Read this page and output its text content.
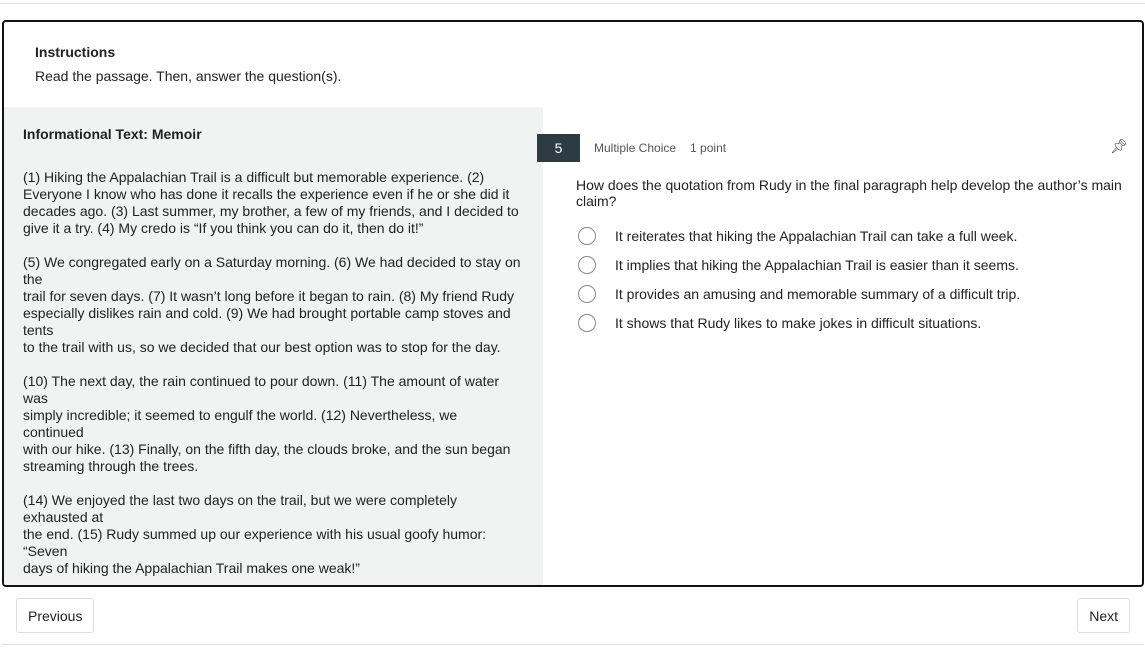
Instructions

Read the passage. Then, answer the question(s).

Informational Text: Memoir
(1) Hiking the Appalachian Trail is a difficult but memorable experience. (2)
Everyone I know who has done it recalls the experience even if he or she did it
decades ago. (3) Last summer, my brother, a few of my friends, and I decided to
give it a try. (4) My credo is “If you think you can do it, then do it!”
(5) We congregated early on a Saturday morning. (6) We had decided to stay on
the
trail for seven days. (7) It wasn’t long before it began to rain. (8) My friend Rudy
especially dislikes rain and cold. (9) We had brought portable camp stoves and
tents
to the trail with us, so we decided that our best option was to stop for the day.
(10) The next day, the rain continued to pour down. (11) The amount of water
was
simply incredible; it seemed to engulf the world. (12) Nevertheless, we
continued
with our hike. (13) Finally, on the fifth day, the clouds broke, and the sun began
streaming through the trees.
(14) We enjoyed the last two days on the trail, but we were completely
exhausted at
the end. (15) Rudy summed up our experience with his usual goofy humor:
“Seven
days of hiking the Appalachian Trail makes one weak!”
5	Multiple Choice 1 point	📌︎
How does the quotation from Rudy in the final paragraph help develop the author’s main claim?
It reiterates that hiking the Appalachian Trail can take a full week.
It implies that hiking the Appalachian Trail is easier than it seems.
It provides an amusing and memorable summary of a difficult trip.
It shows that Rudy likes to make jokes in difficult situations.
Previous	Next
